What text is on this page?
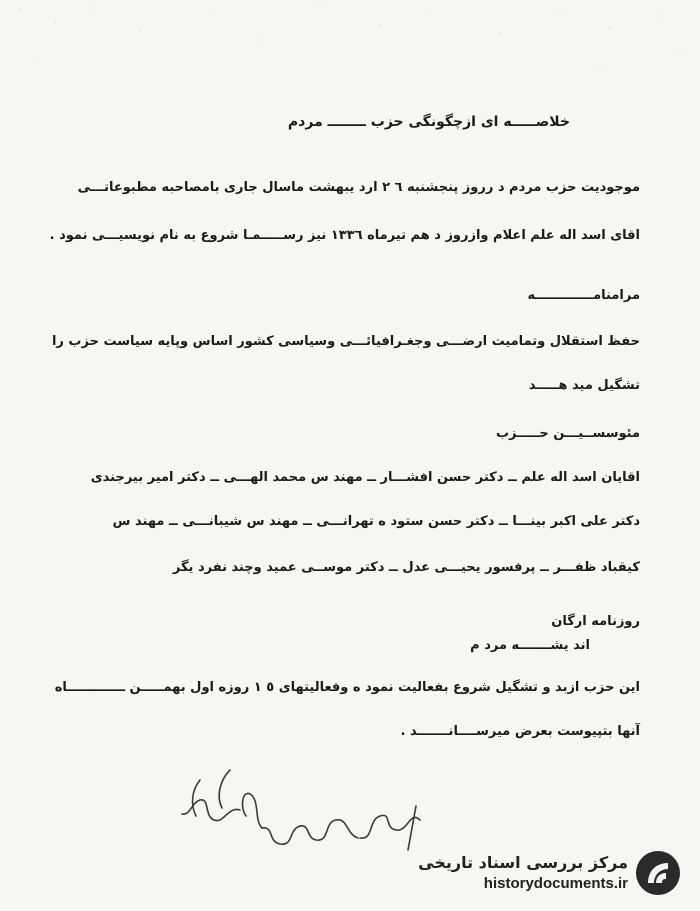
خلاصـــــه ای ازچگونگی حزب ــــــــ مردم
موجودیت حزب مردم د رروز پنجشنبه ٦ ٢ ارد یبهشت ماسال جاری بامصاحبه مطبوعاتـــی
اقای اسد اله علم اعلام وازروز د هم تیرماه ١٣٣٦ نیز رســـــمـا شروع به نام نویسیـــی نمود .
مرامنامـــــــــــــه
حفظ استقلال وتمامیت ارضـــی وجغـرافیائـــی وسیاسی کشور اساس وپایه سیاست حزب را
تشگیل مید هـــــد
مئوسســیـــن حـــــزب
اقایان اسد اله علم ــ دکتر حسن افشـــار ــ مهند س محمد الهـــی ــ دکتر امیر بیرجندی
دکتر علی اکبر بینـــا ــ دکتر حسن ستود ه تهرانـــی ــ مهند س شیبانـــی ــ مهند س
کیقباد ظفـــر ــ پرفسور یحیـــی عدل ــ دکتر موســی عمید وچند نفرد یگر
روزنامه ارگان
اند یشـــــــه مرد م
این حزب ازبد و تشگیل شروع بفعالیت نمود ه وفعالیتهای ٥ ١ روزه اول بهمـــــن ـــــــــــــاه
آنها بتپیوست بعرض میرســــانـــــــد .
مرکز بررسی اسناد تاریخی
historydocuments.ir
